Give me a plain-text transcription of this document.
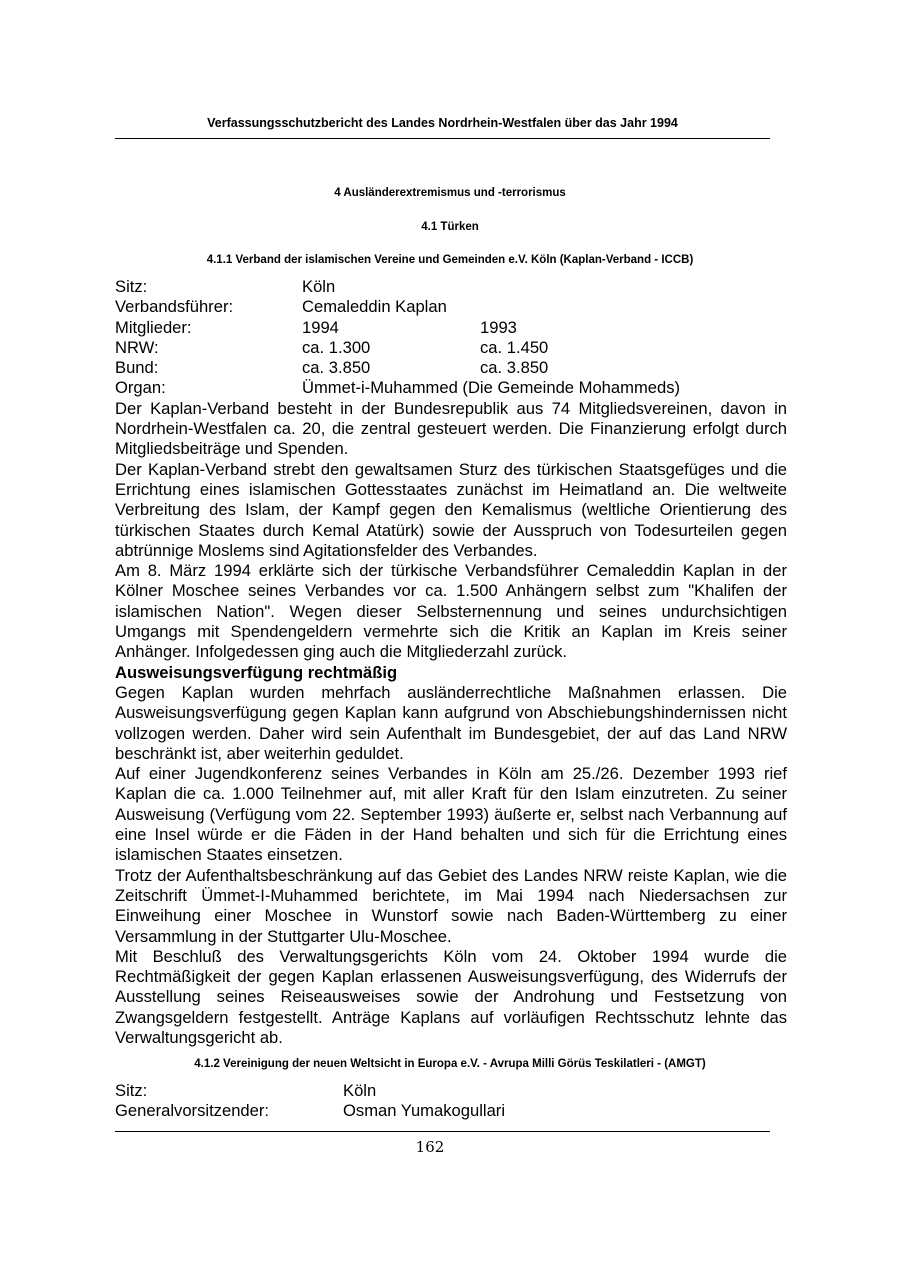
Verfassungsschutzbericht des Landes Nordrhein-Westfalen über das Jahr 1994
4 Ausländerextremismus und -terrorismus
4.1 Türken
4.1.1 Verband der islamischen Vereine und Gemeinden e.V. Köln (Kaplan-Verband - ICCB)
Sitz:	Köln
Verbandsführer:	Cemaleddin Kaplan
Mitglieder:	1994	1993
NRW:	ca. 1.300	ca. 1.450
Bund:	ca. 3.850	ca. 3.850
Organ:	Ümmet-i-Muhammed (Die Gemeinde Mohammeds)

Der Kaplan-Verband besteht in der Bundesrepublik aus 74 Mitgliedsvereinen, davon in Nordrhein-Westfalen ca. 20, die zentral gesteuert werden. Die Finanzierung erfolgt durch Mitgliedsbeiträge und Spenden.

Der Kaplan-Verband strebt den gewaltsamen Sturz des türkischen Staatsgefüges und die Errichtung eines islamischen Gottesstaates zunächst im Heimatland an. Die weltweite Verbreitung des Islam, der Kampf gegen den Kemalismus (weltliche Orientierung des türkischen Staates durch Kemal Atatürk) sowie der Ausspruch von Todesurteilen gegen abtrünnige Moslems sind Agitationsfelder des Verbandes.

Am 8. März 1994 erklärte sich der türkische Verbandsführer Cemaleddin Kaplan in der Kölner Moschee seines Verbandes vor ca. 1.500 Anhängern selbst zum "Khalifen der islamischen Nation". Wegen dieser Selbsternennung und seines undurchsichtigen Umgangs mit Spendengeldern vermehrte sich die Kritik an Kaplan im Kreis seiner Anhänger. Infolgedessen ging auch die Mitgliederzahl zurück.

Ausweisungsverfügung rechtmäßig

Gegen Kaplan wurden mehrfach ausländerrechtliche Maßnahmen erlassen. Die Ausweisungsverfügung gegen Kaplan kann aufgrund von Abschiebungshindernissen nicht vollzogen werden. Daher wird sein Aufenthalt im Bundesgebiet, der auf das Land NRW beschränkt ist, aber weiterhin geduldet.

Auf einer Jugendkonferenz seines Verbandes in Köln am 25./26. Dezember 1993 rief Kaplan die ca. 1.000 Teilnehmer auf, mit aller Kraft für den Islam einzutreten. Zu seiner Ausweisung (Verfügung vom 22. September 1993) äußerte er, selbst nach Verbannung auf eine Insel würde er die Fäden in der Hand behalten und sich für die Errichtung eines islamischen Staates einsetzen.

Trotz der Aufenthaltsbeschränkung auf das Gebiet des Landes NRW reiste Kaplan, wie die Zeitschrift Ümmet-I-Muhammed berichtete, im Mai 1994 nach Niedersachsen zur Einweihung einer Moschee in Wunstorf sowie nach Baden-Württemberg zu einer Versammlung in der Stuttgarter Ulu-Moschee.

Mit Beschluß des Verwaltungsgerichts Köln vom 24. Oktober 1994 wurde die Rechtmäßigkeit der gegen Kaplan erlassenen Ausweisungsverfügung, des Widerrufs der Ausstellung seines Reiseausweises sowie der Androhung und Festsetzung von Zwangsgeldern festgestellt. Anträge Kaplans auf vorläufigen Rechtsschutz lehnte das Verwaltungsgericht ab.

4.1.2 Vereinigung der neuen Weltsicht in Europa e.V. - Avrupa Milli Görüs Teskilatleri - (AMGT)
Sitz:	Köln
Generalvorsitzender:	Osman Yumakogullari
162
